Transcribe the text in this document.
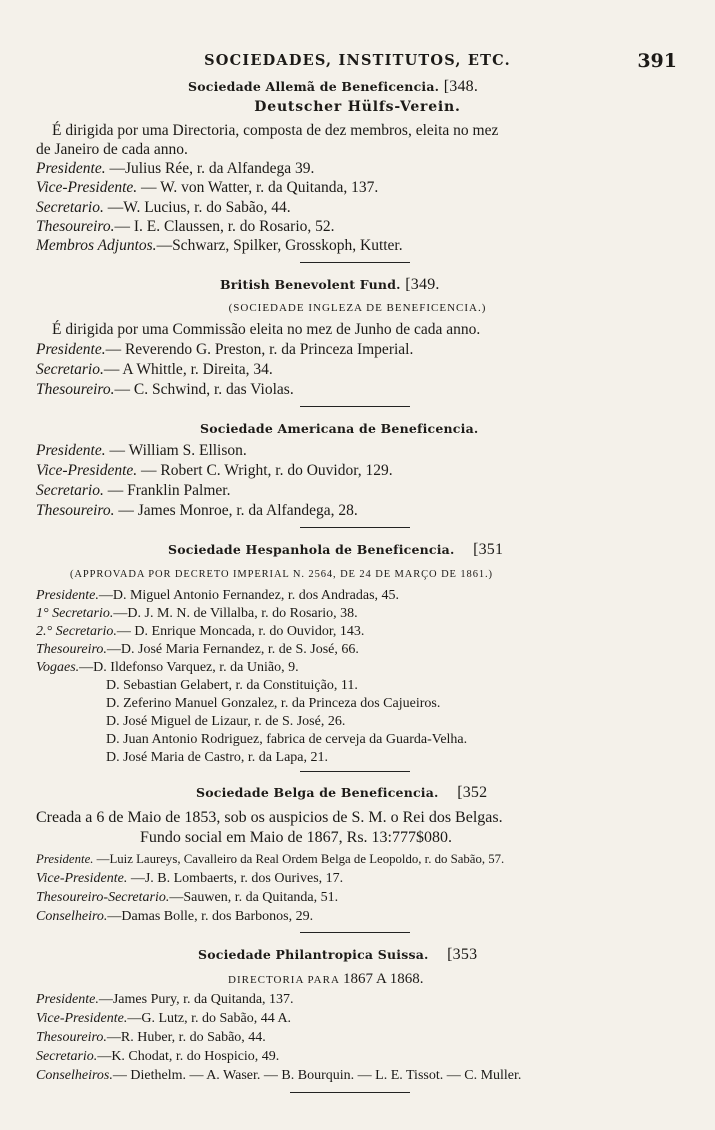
SOCIEDADES, INSTITUTOS, ETC.	391
Sociedade Allemã de Beneficencia. [348.
Deutscher Hülfs-Verein.
É dirigida por uma Directoria, composta de dez membros, eleita no mez
de Janeiro de cada anno.
Presidente. —Julius Rée, r. da Alfandega 39.
Vice-Presidente. — W. von Watter, r. da Quitanda, 137.
Secretario. —W. Lucius, r. do Sabão, 44.
Thesoureiro.— I. E. Claussen, r. do Rosario, 52.
Membros Adjuntos.—Schwarz, Spilker, Grosskoph, Kutter.
British Benevolent Fund. [349.
(SOCIEDADE INGLEZA DE BENEFICENCIA.)
É dirigida por uma Commissão eleita no mez de Junho de cada anno.
Presidente.— Reverendo G. Preston, r. da Princeza Imperial.
Secretario.— A Whittle, r. Direita, 34.
Thesoureiro.— C. Schwind, r. das Violas.
Sociedade Americana de Beneficencia.
Presidente. — William S. Ellison.
Vice-Presidente. — Robert C. Wright, r. do Ouvidor, 129.
Secretario. — Franklin Palmer.
Thesoureiro. — James Monroe, r. da Alfandega, 28.
Sociedade Hespanhola de Beneficencia. [351
(APPROVADA POR DECRETO IMPERIAL N. 2564, DE 24 DE MARÇO DE 1861.)
Presidente.—D. Miguel Antonio Fernandez, r. dos Andradas, 45.
1° Secretario.—D. J. M. N. de Villalba, r. do Rosario, 38.
2.° Secretario.— D. Enrique Moncada, r. do Ouvidor, 143.
Thesoureiro.—D. José Maria Fernandez, r. de S. José, 66.
Vogaes.—D. Ildefonso Varquez, r. da União, 9.
D. Sebastian Gelabert, r. da Constituição, 11.
D. Zeferino Manuel Gonzalez, r. da Princeza dos Cajueiros.
D. José Miguel de Lizaur, r. de S. José, 26.
D. Juan Antonio Rodriguez, fabrica de cerveja da Guarda-Velha.
D. José Maria de Castro, r. da Lapa, 21.
Sociedade Belga de Beneficencia. [352
Creada a 6 de Maio de 1853, sob os auspicios de S. M. o Rei dos Belgas.
Fundo social em Maio de 1867, Rs. 13:777$080.
Presidente. —Luiz Laureys, Cavalleiro da Real Ordem Belga de Leopoldo, r. do Sabão, 57.
Vice-Presidente. —J. B. Lombaerts, r. dos Ourives, 17.
Thesoureiro-Secretario.—Sauwen, r. da Quitanda, 51.
Conselheiro.—Damas Bolle, r. dos Barbonos, 29.
Sociedade Philantropica Suissa. [353
DIRECTORIA PARA 1867 A 1868.
Presidente.—James Pury, r. da Quitanda, 137.
Vice-Presidente.—G. Lutz, r. do Sabão, 44 A.
Thesoureiro.—R. Huber, r. do Sabão, 44.
Secretario.—K. Chodat, r. do Hospicio, 49.
Conselheiros.— Diethelm. — A. Waser. — B. Bourquin. — L. E. Tissot. — C. Muller.
